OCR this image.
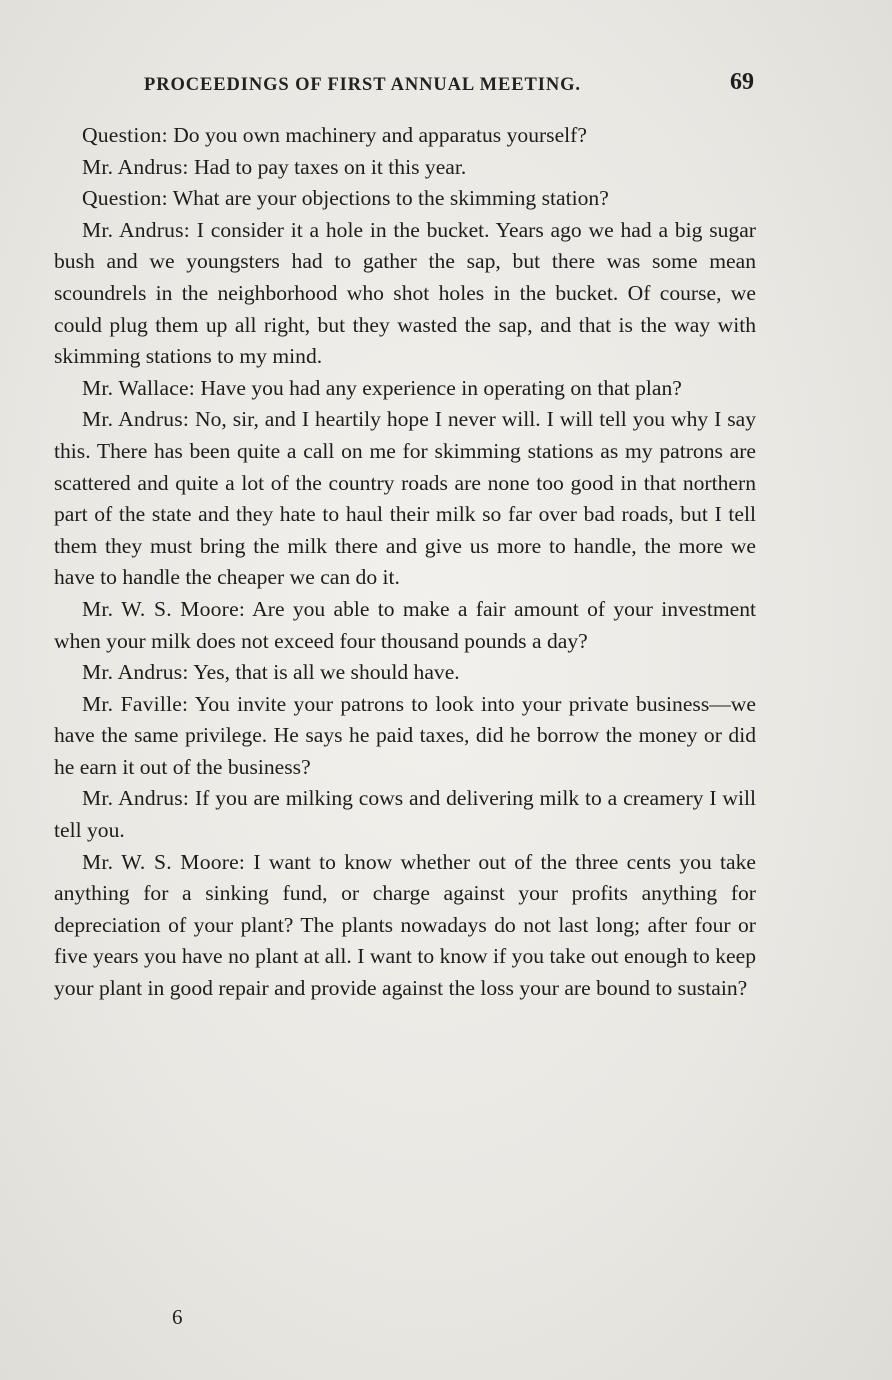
PROCEEDINGS OF FIRST ANNUAL MEETING.	69

Question: Do you own machinery and apparatus yourself?

Mr. Andrus: Had to pay taxes on it this year.

Question: What are your objections to the skimming station?

Mr. Andrus: I consider it a hole in the bucket. Years ago we had a big sugar bush and we youngsters had to gather the sap, but there was some mean scoundrels in the neighborhood who shot holes in the bucket. Of course, we could plug them up all right, but they wasted the sap, and that is the way with skimming stations to my mind.

Mr. Wallace: Have you had any experience in operating on that plan?

Mr. Andrus: No, sir, and I heartily hope I never will. I will tell you why I say this. There has been quite a call on me for skimming stations as my patrons are scattered and quite a lot of the country roads are none too good in that northern part of the state and they hate to haul their milk so far over bad roads, but I tell them they must bring the milk there and give us more to handle, the more we have to handle the cheaper we can do it.

Mr. W. S. Moore: Are you able to make a fair amount of your investment when your milk does not exceed four thousand pounds a day?

Mr. Andrus: Yes, that is all we should have.

Mr. Faville: You invite your patrons to look into your private business—we have the same privilege. He says he paid taxes, did he borrow the money or did he earn it out of the business?

Mr. Andrus: If you are milking cows and delivering milk to a creamery I will tell you.

Mr. W. S. Moore: I want to know whether out of the three cents you take anything for a sinking fund, or charge against your profits anything for depreciation of your plant? The plants nowadays do not last long; after four or five years you have no plant at all. I want to know if you take out enough to keep your plant in good repair and provide against the loss your are bound to sustain?

6
